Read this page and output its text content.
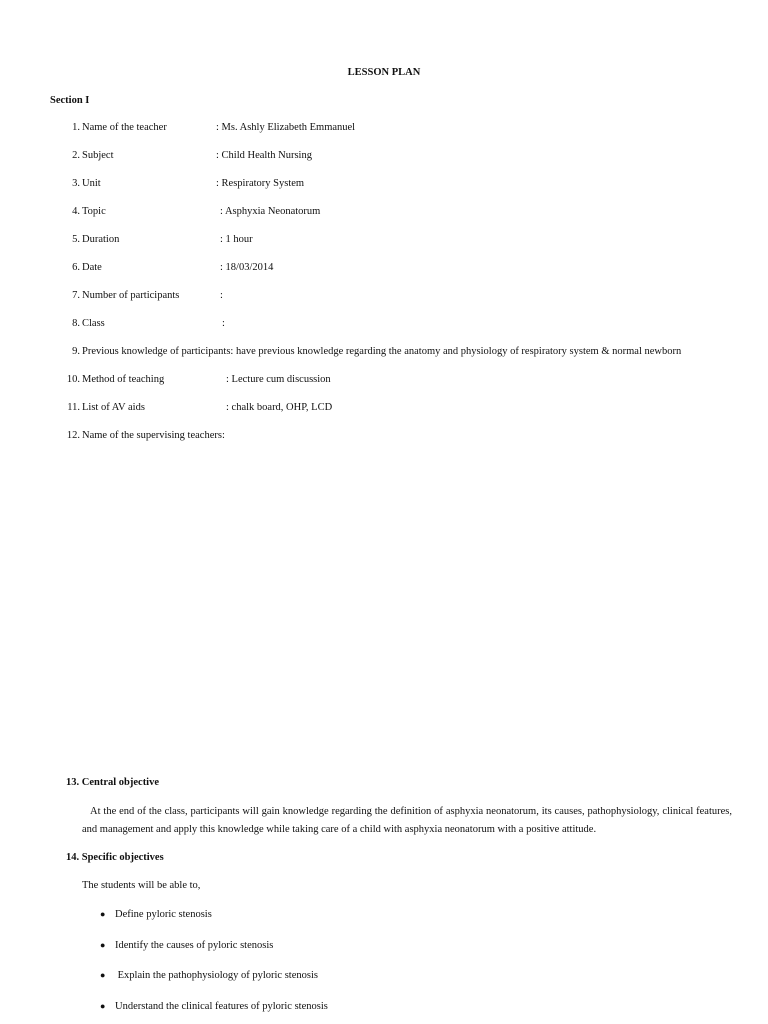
LESSON PLAN
Section I
1. Name of the teacher	: Ms. Ashly Elizabeth Emmanuel
2. Subject	: Child Health Nursing
3. Unit	: Respiratory System
4. Topic	: Asphyxia Neonatorum
5. Duration	: 1 hour
6. Date	: 18/03/2014
7. Number of participants	:
8. Class	:
9. Previous knowledge of participants: have previous knowledge regarding the anatomy and physiology of respiratory system & normal newborn
10. Method of teaching	: Lecture cum discussion
11. List of AV aids	: chalk board, OHP, LCD
12. Name of the supervising teachers:
13. Central objective
At the end of the class, participants will gain knowledge regarding the definition of asphyxia neonatorum, its causes, pathophysiology, clinical features, and management and apply this knowledge while taking care of a child with asphyxia neonatorum with a positive attitude.
14. Specific objectives
The students will be able to,
● Define pyloric stenosis
● Identify the causes of pyloric stenosis
● Explain the pathophysiology of pyloric stenosis
● Understand the clinical features of pyloric stenosis
